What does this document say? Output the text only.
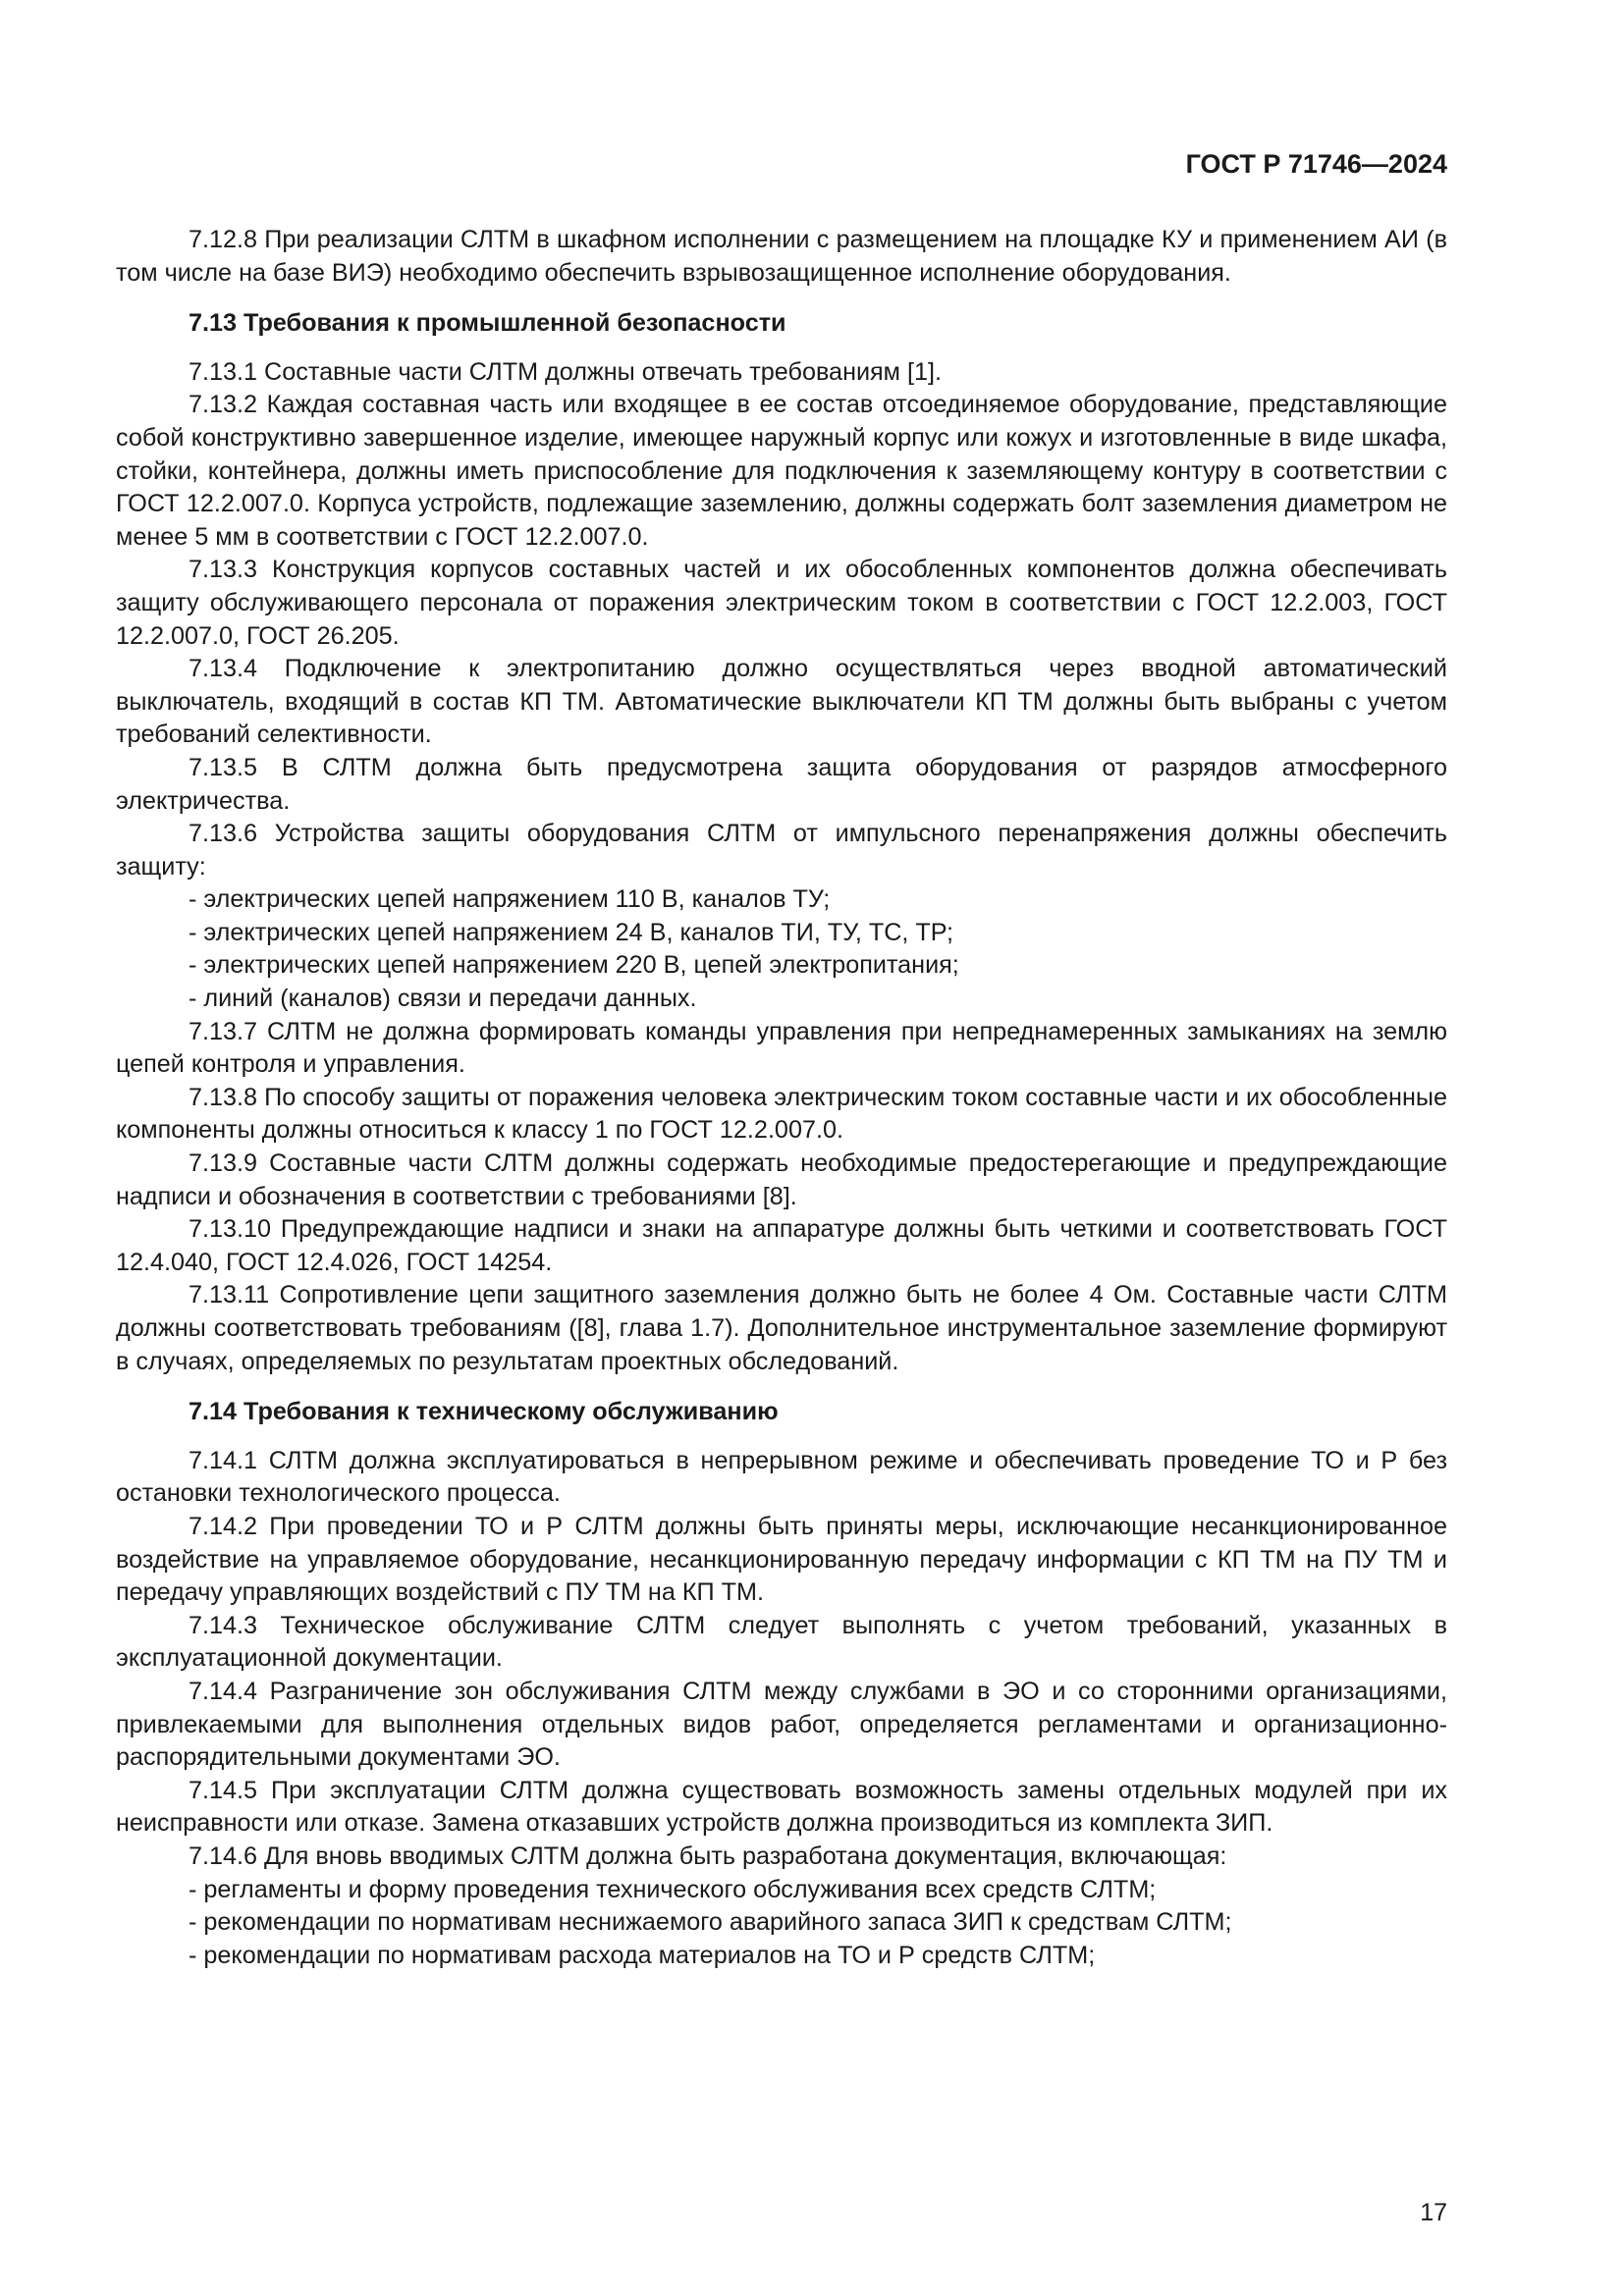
ГОСТ Р 71746—2024

7.12.8 При реализации СЛТМ в шкафном исполнении с размещением на площадке КУ и применением АИ (в том числе на базе ВИЭ) необходимо обеспечить взрывозащищенное исполнение оборудования.

7.13 Требования к промышленной безопасности

7.13.1 Составные части СЛТМ должны отвечать требованиям [1].

7.13.2 Каждая составная часть или входящее в ее состав отсоединяемое оборудование, представляющие собой конструктивно завершенное изделие, имеющее наружный корпус или кожух и изготовленные в виде шкафа, стойки, контейнера, должны иметь приспособление для подключения к заземляющему контуру в соответствии с ГОСТ 12.2.007.0. Корпуса устройств, подлежащие заземлению, должны содержать болт заземления диаметром не менее 5 мм в соответствии с ГОСТ 12.2.007.0.

7.13.3 Конструкция корпусов составных частей и их обособленных компонентов должна обеспечивать защиту обслуживающего персонала от поражения электрическим током в соответствии с ГОСТ 12.2.003, ГОСТ 12.2.007.0, ГОСТ 26.205.

7.13.4 Подключение к электропитанию должно осуществляться через вводной автоматический выключатель, входящий в состав КП ТМ. Автоматические выключатели КП ТМ должны быть выбраны с учетом требований селективности.

7.13.5 В СЛТМ должна быть предусмотрена защита оборудования от разрядов атмосферного электричества.

7.13.6 Устройства защиты оборудования СЛТМ от импульсного перенапряжения должны обеспечить защиту:

- электрических цепей напряжением 110 В, каналов ТУ;

- электрических цепей напряжением 24 В, каналов ТИ, ТУ, ТС, ТР;

- электрических цепей напряжением 220 В, цепей электропитания;

- линий (каналов) связи и передачи данных.

7.13.7 СЛТМ не должна формировать команды управления при непреднамеренных замыканиях на землю цепей контроля и управления.

7.13.8 По способу защиты от поражения человека электрическим током составные части и их обособленные компоненты должны относиться к классу 1 по ГОСТ 12.2.007.0.

7.13.9 Составные части СЛТМ должны содержать необходимые предостерегающие и предупреждающие надписи и обозначения в соответствии с требованиями [8].

7.13.10 Предупреждающие надписи и знаки на аппаратуре должны быть четкими и соответствовать ГОСТ 12.4.040, ГОСТ 12.4.026, ГОСТ 14254.

7.13.11 Сопротивление цепи защитного заземления должно быть не более 4 Ом. Составные части СЛТМ должны соответствовать требованиям ([8], глава 1.7). Дополнительное инструментальное заземление формируют в случаях, определяемых по результатам проектных обследований.

7.14 Требования к техническому обслуживанию

7.14.1 СЛТМ должна эксплуатироваться в непрерывном режиме и обеспечивать проведение ТО и Р без остановки технологического процесса.

7.14.2 При проведении ТО и Р СЛТМ должны быть приняты меры, исключающие несанкционированное воздействие на управляемое оборудование, несанкционированную передачу информации с КП ТМ на ПУ ТМ и передачу управляющих воздействий с ПУ ТМ на КП ТМ.

7.14.3 Техническое обслуживание СЛТМ следует выполнять с учетом требований, указанных в эксплуатационной документации.

7.14.4 Разграничение зон обслуживания СЛТМ между службами в ЭО и со сторонними организациями, привлекаемыми для выполнения отдельных видов работ, определяется регламентами и организационно-распорядительными документами ЭО.

7.14.5 При эксплуатации СЛТМ должна существовать возможность замены отдельных модулей при их неисправности или отказе. Замена отказавших устройств должна производиться из комплекта ЗИП.

7.14.6 Для вновь вводимых СЛТМ должна быть разработана документация, включающая:

- регламенты и форму проведения технического обслуживания всех средств СЛТМ;

- рекомендации по нормативам неснижаемого аварийного запаса ЗИП к средствам СЛТМ;

- рекомендации по нормативам расхода материалов на ТО и Р средств СЛТМ;

17
